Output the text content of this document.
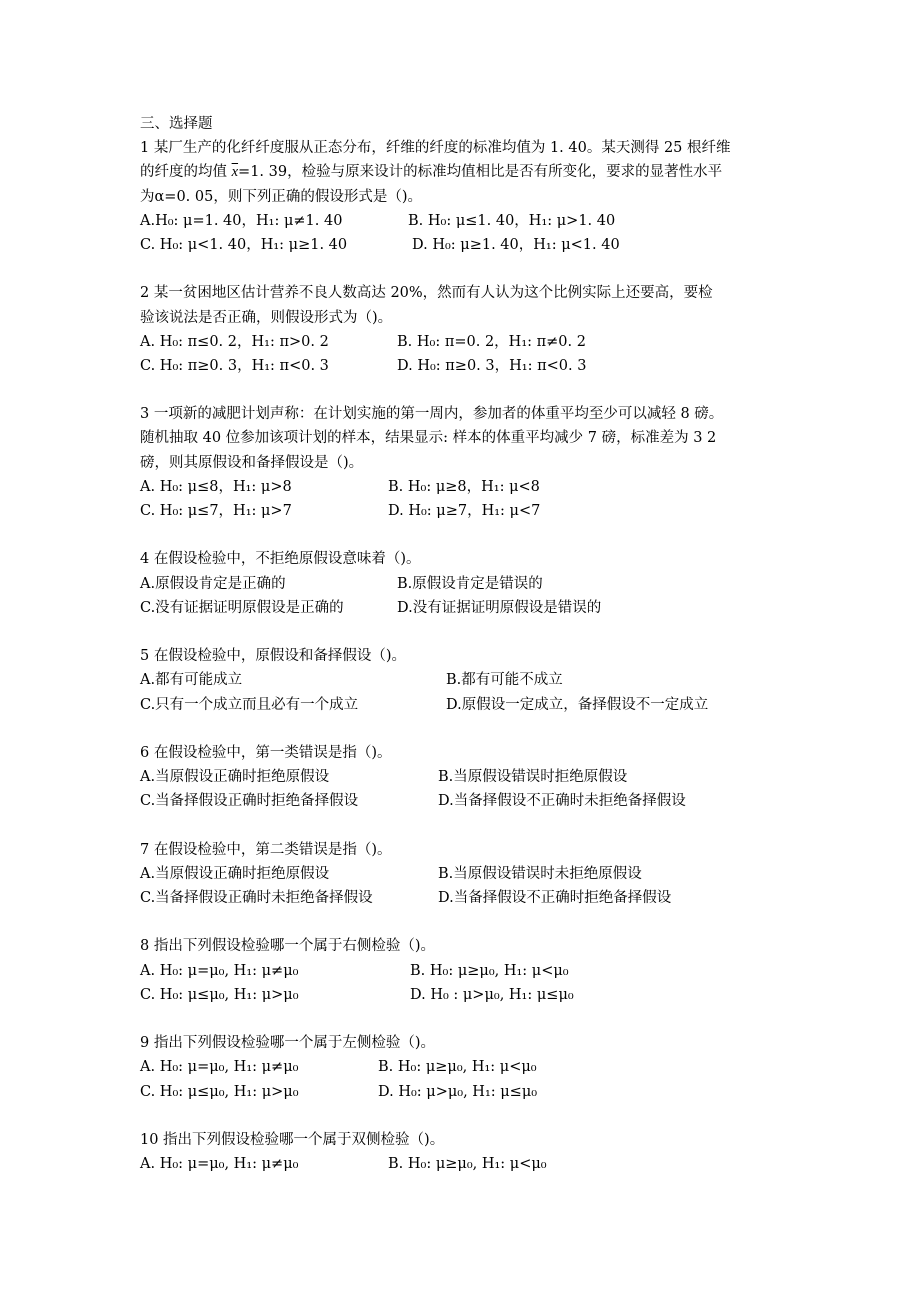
三、选择题
1 某厂生产的化纤纤度服从正态分布，纤维的纤度的标准均值为 1. 40。某天测得 25 根纤维
的纤度的均值 $\overline{x}=1$. 39，检验与原来设计的标准均值相比是否有所变化，要求的显著性水平
为α=0. 05，则下列正确的假设形式是（)。
A.H₀: μ=1. 40，H₁: μ≠1. 40	B. H₀: μ≤1. 40，H₁: μ>1. 40
C. H₀: μ<1. 40，H₁: μ≥1. 40	D. H₀: μ≥1. 40，H₁: μ<1. 40
2 某一贫困地区估计营养不良人数高达 20%，然而有人认为这个比例实际上还要高，要检
验该说法是否正确，则假设形式为（)。
A. H₀: π≤0. 2，H₁: π>0. 2	B. H₀: π=0. 2，H₁: π≠0. 2
C. H₀: π≥0. 3，H₁: π<0. 3	D. H₀: π≥0. 3，H₁: π<0. 3
3 一项新的减肥计划声称：在计划实施的第一周内，参加者的体重平均至少可以减轻 8 磅。
随机抽取 40 位参加该项计划的样本，结果显示: 样本的体重平均减少 7 磅，标准差为 3 2
磅，则其原假设和备择假设是（)。
A. H₀: μ≤8，H₁: μ>8	B. H₀: μ≥8，H₁: μ<8
C. H₀: μ≤7，H₁: μ>7	D. H₀: μ≥7，H₁: μ<7
4 在假设检验中，不拒绝原假设意味着（)。
A.原假设肯定是正确的	B.原假设肯定是错误的
C.没有证据证明原假设是正确的	D.没有证据证明原假设是错误的
5 在假设检验中，原假设和备择假设（)。
A.都有可能成立	B.都有可能不成立
C.只有一个成立而且必有一个成立	D.原假设一定成立，备择假设不一定成立
6 在假设检验中，第一类错误是指（)。
A.当原假设正确时拒绝原假设	B.当原假设错误时拒绝原假设
C.当备择假设正确时拒绝备择假设	D.当备择假设不正确时未拒绝备择假设
7 在假设检验中，第二类错误是指（)。
A.当原假设正确时拒绝原假设	B.当原假设错误时未拒绝原假设
C.当备择假设正确时未拒绝备择假设	D.当备择假设不正确时拒绝备择假设
8 指出下列假设检验哪一个属于右侧检验（)。
A. H₀: μ=μ₀, H₁: μ≠μ₀	B. H₀: μ≥μ₀, H₁: μ<μ₀
C. H₀: μ≤μ₀, H₁: μ>μ₀	D. H₀ : μ>μ₀, H₁: μ≤μ₀
9 指出下列假设检验哪一个属于左侧检验（)。
A. H₀: μ=μ₀, H₁: μ≠μ₀	B. H₀: μ≥μ₀, H₁: μ<μ₀
C. H₀: μ≤μ₀, H₁: μ>μ₀	D. H₀: μ>μ₀, H₁: μ≤μ₀
10 指出下列假设检验哪一个属于双侧检验（)。
A. H₀: μ=μ₀, H₁: μ≠μ₀	B. H₀: μ≥μ₀, H₁: μ<μ₀
